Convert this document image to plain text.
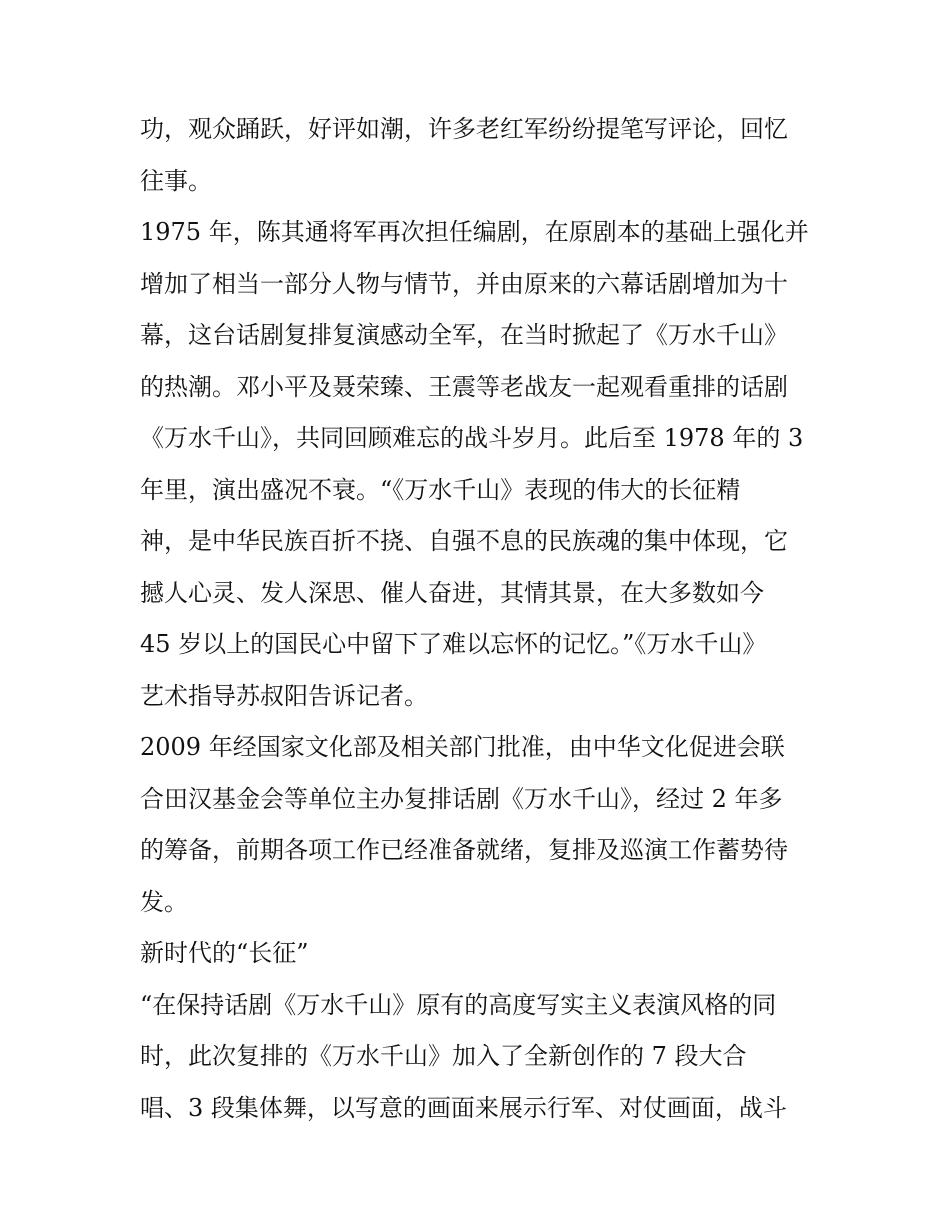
功，观众踊跃，好评如潮，许多老红军纷纷提笔写评论，回忆
往事。
1975 年，陈其通将军再次担任编剧，在原剧本的基础上强化并
增加了相当一部分人物与情节，并由原来的六幕话剧增加为十
幕，这台话剧复排复演感动全军，在当时掀起了《万水千山》
的热潮。邓小平及聂荣臻、王震等老战友一起观看重排的话剧
《万水千山》，共同回顾难忘的战斗岁月。此后至 1978 年的 3
年里，演出盛况不衰。“《万水千山》表现的伟大的长征精
神，是中华民族百折不挠、自强不息的民族魂的集中体现，它
撼人心灵、发人深思、催人奋进，其情其景，在大多数如今
45 岁以上的国民心中留下了难以忘怀的记忆。”《万水千山》
艺术指导苏叔阳告诉记者。
2009 年经国家文化部及相关部门批准，由中华文化促进会联
合田汉基金会等单位主办复排话剧《万水千山》，经过 2 年多
的筹备，前期各项工作已经准备就绪，复排及巡演工作蓄势待
发。
新时代的“长征”
“在保持话剧《万水千山》原有的高度写实主义表演风格的同
时，此次复排的《万水千山》加入了全新创作的 7 段大合
唱、3 段集体舞，以写意的画面来展示行军、对仗画面，战斗
